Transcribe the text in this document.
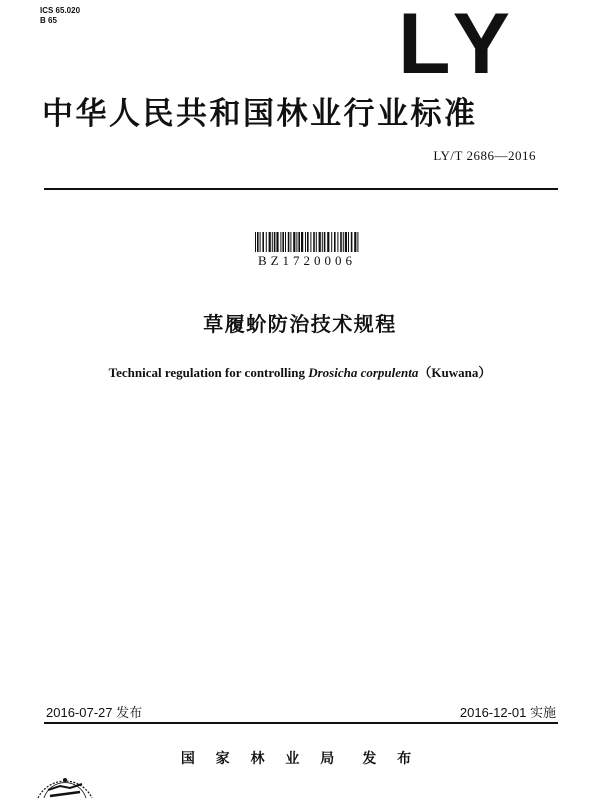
ICS 65.020
B 65	LY
中华人民共和国林业行业标准
LY/T 2686—2016
BZ1720006
草履蚧防治技术规程
Technical regulation for controlling Drosicha corpulenta（Kuwana）
2016-07-27 发布	2016-12-01 实施
国 家 林 业 局 发 布
